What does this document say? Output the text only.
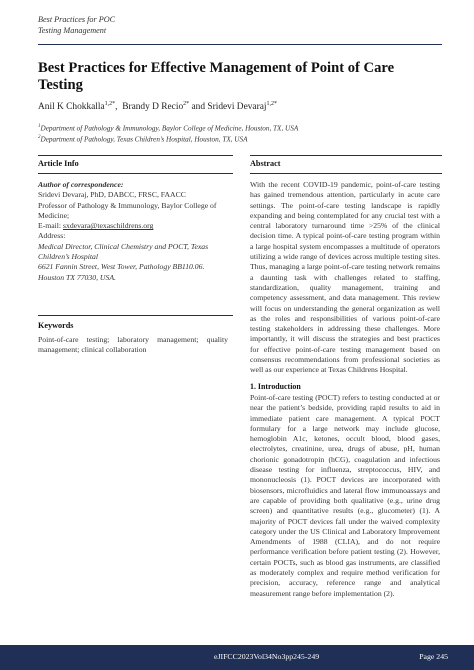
Best Practices for POC
Testing Management
Best Practices for Effective Management of Point of Care Testing
Anil K Chokkalla$^{1,2*}$,  Brandy D Recio$^{2*}$ and Sridevi Devaraj$^{1,2*}$
$^1$Department of Pathology & Immunology, Baylor College of Medicine, Houston, TX, USA
$^2$Department of Pathology, Texas Children’s Hospital, Houston, TX, USA
Article Info	Abstract
Author of correspondence:
Sridevi Devaraj, PhD, DABCC, FRSC, FAACC
Professor of Pathology & Immunology, Baylor College of Medicine;
E-mail: sxdevara@texaschildrens.org
Address:
Medical Director, Clinical Chemistry and POCT, Texas Children’s Hospital
6621 Fannin Street, West Tower, Pathology BB110.06.
Houston TX 77030, USA.
Keywords
Point-of-care testing; laboratory management; quality management; clinical collaboration
With the recent COVID-19 pandemic, point-of-care testing has gained tremendous attention, particularly in acute care settings. The point-of-care testing landscape is rapidly expanding and being contemplated for any crucial test with a central laboratory turnaround time >25% of the clinical decision time. A typical point-of-care testing program within a large hospital system encompasses a multitude of operators utilizing a wide range of devices across multiple testing sites. Thus, managing a large point-of-care testing network remains a daunting task with challenges related to staffing, standardization, quality management, training and competency assessment, and data management. This review will focus on understanding the general organization as well as the roles and responsibilities of various point-of-care testing stakeholders in addressing these challenges. More importantly, it will discuss the strategies and best practices for effective point-of-care testing management based on consensus recommendations from professional societies as well as our experience at Texas Childrens Hospital.
1. Introduction
Point-of-care testing (POCT) refers to testing conducted at or near the patient’s bedside, providing rapid results to aid in immediate patient care management. A typical POCT formulary for a large network may include glucose, hemoglobin A1c, ketones, occult blood, blood gases, electrolytes, creatinine, urea, drugs of abuse, pH, human chorionic gonadotropin (hCG), coagulation and infectious disease testing for influenza, streptococcus, HIV, and mononucleosis (1). POCT devices are incorporated with biosensors, microfluidics and lateral flow immunoassays and are capable of providing both qualitative (e.g., urine drug screen) and quantitative results (e.g., glucometer) (1). A majority of POCT devices fall under the waived complexity category under the US Clinical and Laboratory Improvement Amendments of 1988 (CLIA), and do not require performance verification before patient testing (2). However, certain POCTs, such as blood gas instruments, are classified as moderately complex and require method verification for precision, accuracy, reference range and analytical measurement range before implementation (2).
eJIFCC2023Vol34No3pp245-249	Page 245
